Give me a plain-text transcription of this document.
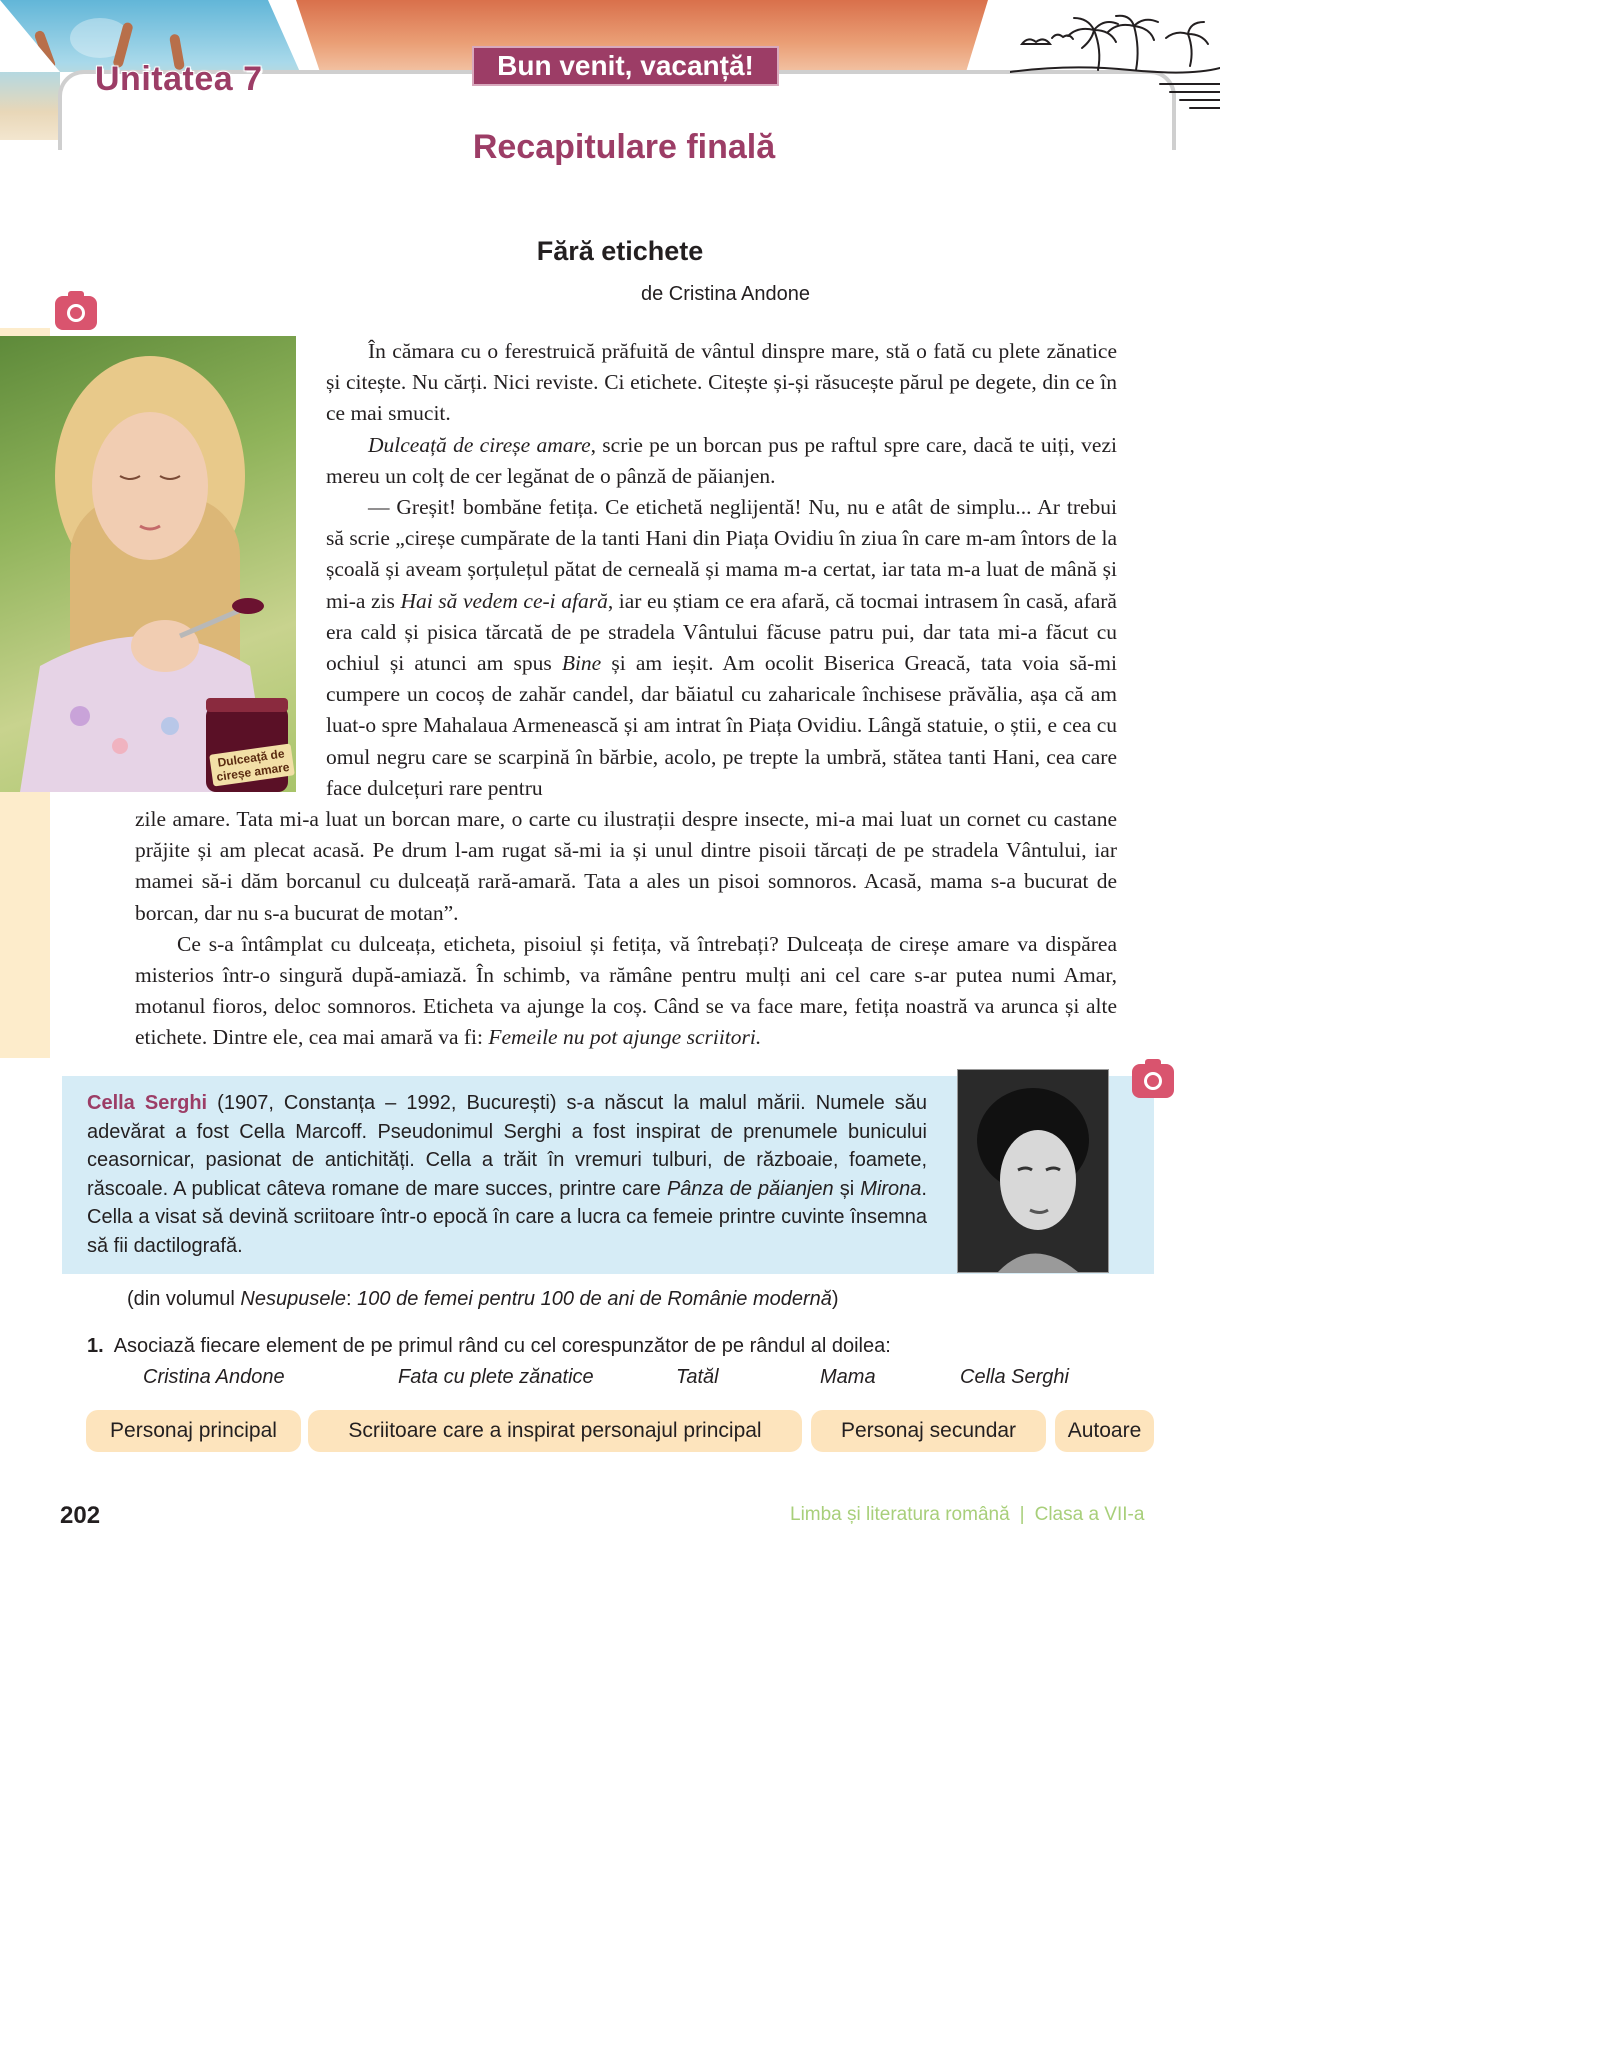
Unitatea 7	Bun venit, vacanță!
Recapitulare finală
Fără etichete
de Cristina Andone
Dulceață de cireșe amare

În cămara cu o ferestruică prăfuită de vântul dinspre mare, stă o fată cu plete zănatice și citește. Nu cărți. Nici reviste. Ci etichete. Citește și-și răsucește părul pe degete, din ce în ce mai smucit.

Dulceață de cireșe amare, scrie pe un borcan pus pe raftul spre care, dacă te uiți, vezi mereu un colț de cer legănat de o pânză de păianjen.

— Greșit! bombăne fetița. Ce etichetă neglijentă! Nu, nu e atât de simplu... Ar trebui să scrie „cireșe cumpărate de la tanti Hani din Piața Ovidiu în ziua în care m-am întors de la școală și aveam șorțulețul pătat de cerneală și mama m-a certat, iar tata m-a luat de mână și mi-a zis Hai să vedem ce-i afară, iar eu știam ce era afară, că tocmai intrasem în casă, afară era cald și pisica tărcată de pe stradela Vântului făcuse patru pui, dar tata mi-a făcut cu ochiul și atunci am spus Bine și am ieșit. Am ocolit Biserica Greacă, tata voia să-mi cumpere un cocoș de zahăr candel, dar băiatul cu zaharicale închisese prăvălia, așa că am luat-o spre Mahalaua Armenească și am intrat în Piața Ovidiu. Lângă statuie, o știi, e cea cu omul negru care se scarpină în bărbie, acolo, pe trepte la umbră, stătea tanti Hani, cea care face dulcețuri rare pentru

zile amare. Tata mi-a luat un borcan mare, o carte cu ilustrații despre insecte, mi-a mai luat un cornet cu castane prăjite și am plecat acasă. Pe drum l-am rugat să-mi ia și unul dintre pisoii tărcați de pe stradela Vântului, iar mamei să-i dăm borcanul cu dulceață rară-amară. Tata a ales un pisoi somnoros. Acasă, mama s-a bucurat de borcan, dar nu s-a bucurat de motan”.

Ce s-a întâmplat cu dulceața, eticheta, pisoiul și fetița, vă întrebați? Dulceața de cireșe amare va dispărea misterios într-o singură după-amiază. În schimb, va rămâne pentru mulți ani cel care s-ar putea numi Amar, motanul fioros, deloc somnoros. Eticheta va ajunge la coș. Când se va face mare, fetița noastră va arunca și alte etichete. Dintre ele, cea mai amară va fi: Femeile nu pot ajunge scriitori.

Cella Serghi (1907, Constanța – 1992, București) s-a născut la malul mării. Numele său adevărat a fost Cella Marcoff. Pseudonimul Serghi a fost inspirat de prenumele bunicului ceasornicar, pasionat de antichități. Cella a trăit în vremuri tulburi, de războaie, foamete, răscoale. A publicat câteva romane de mare succes, printre care Pânza de păianjen și Mirona. Cella a visat să devină scriitoare într-o epocă în care a lucra ca femeie printre cuvinte însemna să fii dactilografă.
(din volumul Nesupusele: 100 de femei pentru 100 de ani de Românie modernă)
1. Asociază fiecare element de pe primul rând cu cel corespunzător de pe rândul al doilea:
Cristina Andone	Fata cu plete zănatice	Tatăl	Mama	Cella Serghi
Personaj principal	Scriitoare care a inspirat personajul principal	Personaj secundar	Autoare
202	Limba și literatura română | Clasa a VII-a
